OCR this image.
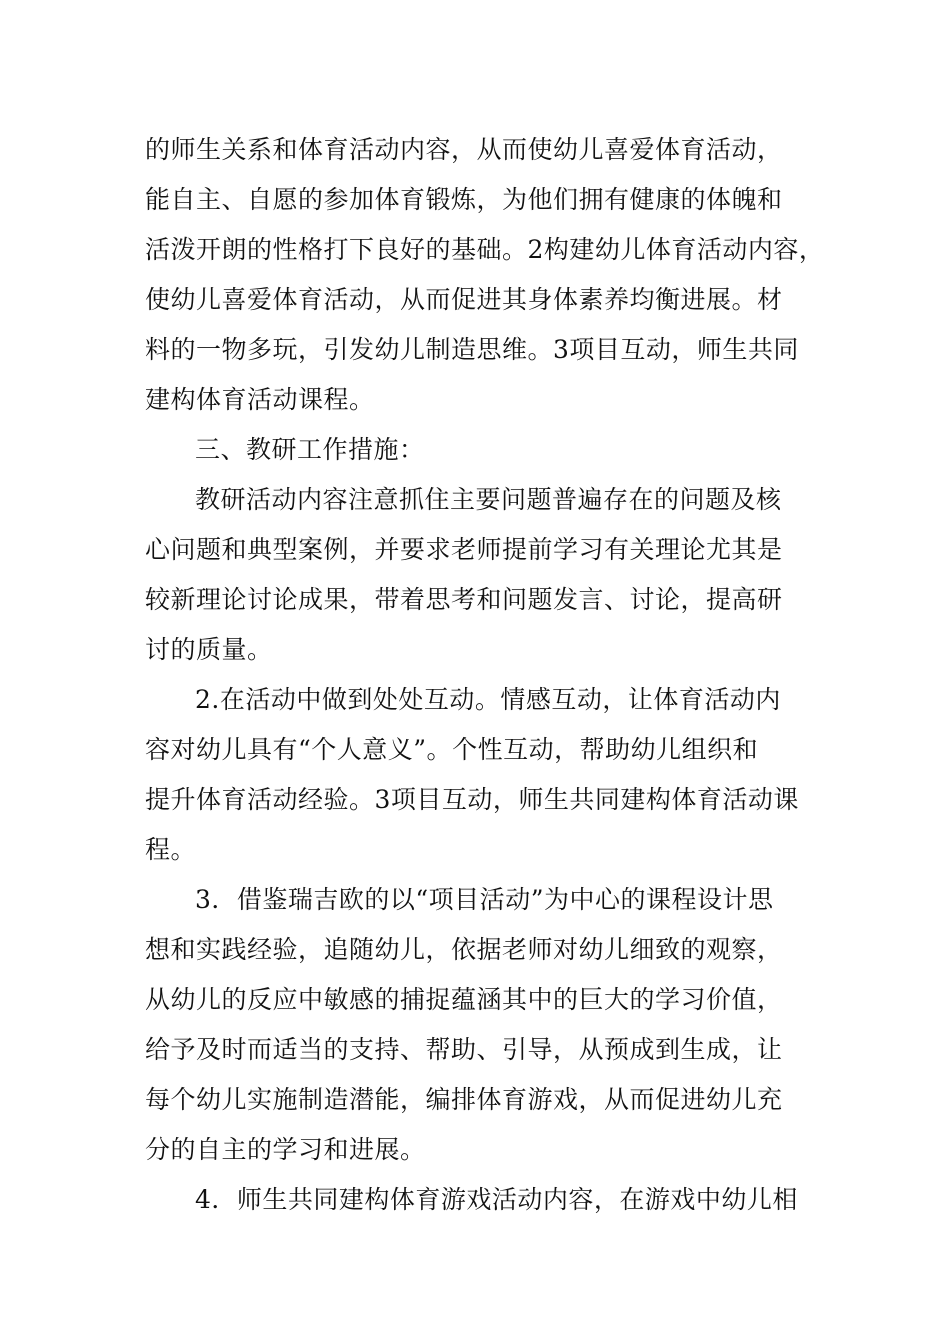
的师生关系和体育活动内容，从而使幼儿喜爱体育活动，
能自主、自愿的参加体育锻炼，为他们拥有健康的体魄和
活泼开朗的性格打下良好的基础。2构建幼儿体育活动内容，
使幼儿喜爱体育活动，从而促进其身体素养均衡进展。材
料的一物多玩，引发幼儿制造思维。3项目互动，师生共同
建构体育活动课程。
三、教研工作措施：
教研活动内容注意抓住主要问题普遍存在的问题及核
心问题和典型案例，并要求老师提前学习有关理论尤其是
较新理论讨论成果，带着思考和问题发言、讨论，提高研
讨的质量。
2.在活动中做到处处互动。情感互动，让体育活动内
容对幼儿具有“个人意义”。个性互动，帮助幼儿组织和
提升体育活动经验。3项目互动，师生共同建构体育活动课
程。
3．借鉴瑞吉欧的以“项目活动”为中心的课程设计思
想和实践经验，追随幼儿，依据老师对幼儿细致的观察，
从幼儿的反应中敏感的捕捉蕴涵其中的巨大的学习价值，
给予及时而适当的支持、帮助、引导，从预成到生成，让
每个幼儿实施制造潜能，编排体育游戏，从而促进幼儿充
分的自主的学习和进展。
4．师生共同建构体育游戏活动内容，在游戏中幼儿相
